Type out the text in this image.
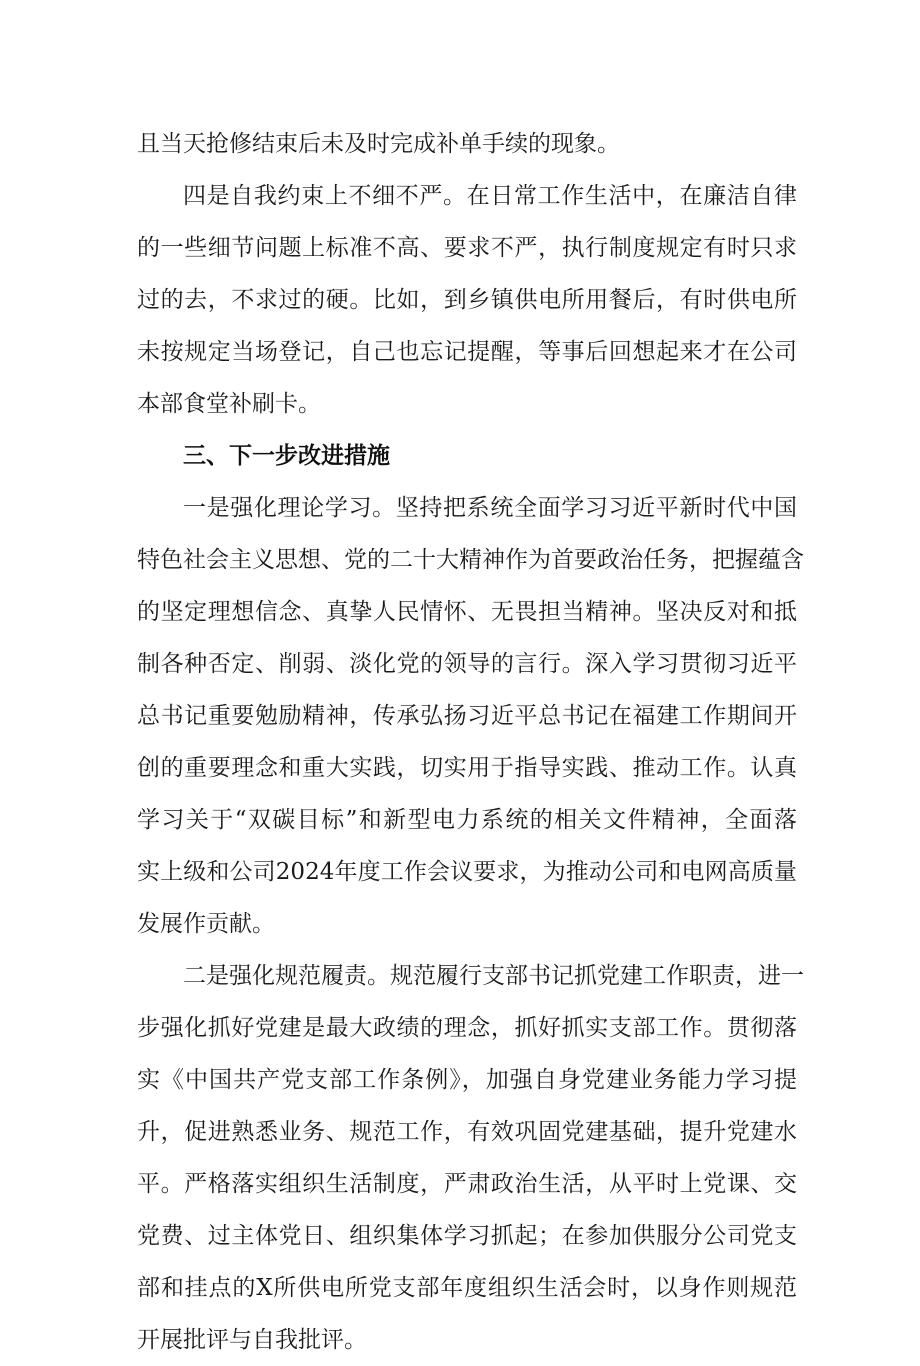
且当天抢修结束后未及时完成补单手续的现象。
四是自我约束上不细不严。在日常工作生活中，在廉洁自律
的一些细节问题上标准不高、要求不严，执行制度规定有时只求
过的去，不求过的硬。比如，到乡镇供电所用餐后，有时供电所
未按规定当场登记，自己也忘记提醒，等事后回想起来才在公司
本部食堂补刷卡。
三、下一步改进措施
一是强化理论学习。坚持把系统全面学习习近平新时代中国
特色社会主义思想、党的二十大精神作为首要政治任务，把握蕴含
的坚定理想信念、真挚人民情怀、无畏担当精神。坚决反对和抵
制各种否定、削弱、淡化党的领导的言行。深入学习贯彻习近平
总书记重要勉励精神，传承弘扬习近平总书记在福建工作期间开
创的重要理念和重大实践，切实用于指导实践、推动工作。认真
学习关于“双碳目标”和新型电力系统的相关文件精神，全面落
实上级和公司2024年度工作会议要求，为推动公司和电网高质量
发展作贡献。
二是强化规范履责。规范履行支部书记抓党建工作职责，进一
步强化抓好党建是最大政绩的理念，抓好抓实支部工作。贯彻落
实《中国共产党支部工作条例》，加强自身党建业务能力学习提
升，促进熟悉业务、规范工作，有效巩固党建基础，提升党建水
平。严格落实组织生活制度，严肃政治生活，从平时上党课、交
党费、过主体党日、组织集体学习抓起；在参加供服分公司党支
部和挂点的X所供电所党支部年度组织生活会时，以身作则规范
开展批评与自我批评。
